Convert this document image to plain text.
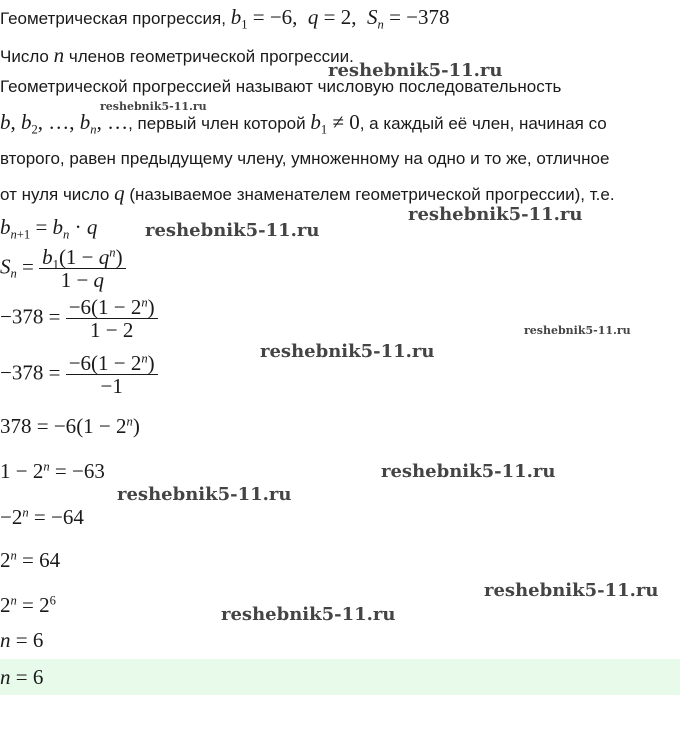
Геометрическая прогрессия, $b_1 = -6$,  q = 2,  $S_n = -378$
Число n членов геометрической прогрессии.
Геометрической прогрессией называют числовую последовательность
b, $b_2$, …, $b_n$, …, первый член которой $b_1 \ne 0$, а каждый её член, начиная со
второго, равен предыдущему члену, умноженному на одно и то же, отличное
от нуля число q (называемое знаменателем геометрической прогрессии), т.е.
$b_{n+1} = b_n \cdot q$
$S_n = \frac{b_1(1 - q^n)}{1 - q}$
$-378 = \frac{-6(1 - 2^n)}{1 - 2}$
$-378 = \frac{-6(1 - 2^n)}{-1}$
$378 = -6(1 - 2^n)$
$1 - 2^n = -63$
$-2^n = -64$
$2^n = 64$
$2^n = 2^6$
n = 6
n = 6
reshebnik5-11.ru
reshebnik5-11.ru
reshebnik5-11.ru
reshebnik5-11.ru
reshebnik5-11.ru
reshebnik5-11.ru
reshebnik5-11.ru
reshebnik5-11.ru
reshebnik5-11.ru
reshebnik5-11.ru
